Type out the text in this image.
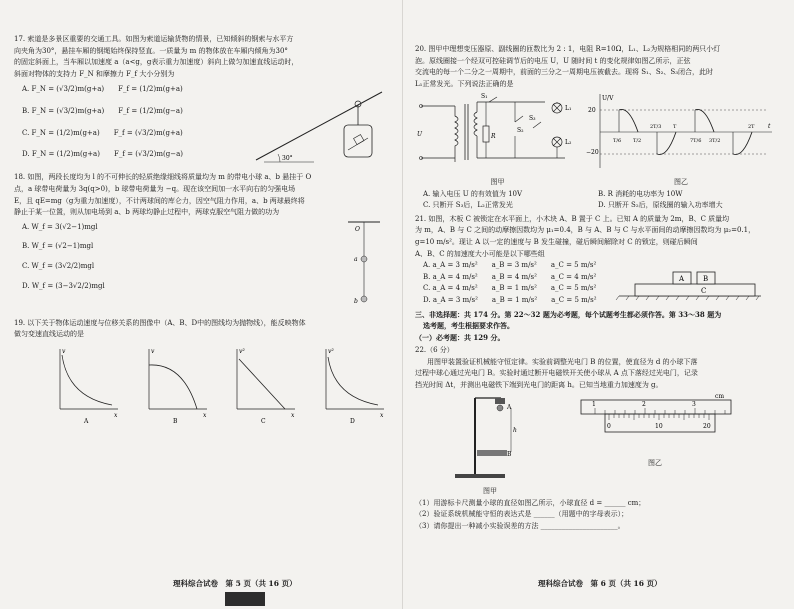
17. 索道是多景区重要的交通工具。如图为索道运输货物的情景，已知倾斜的钢索与水平方
向夹角为30°，悬挂车厢的钢绳始终保持竖直。一质量为 m 的物体放在车厢内倾角为30°
的固定斜面上，当车厢以加速度 a（a<g，g表示重力加速度）斜向上做匀加速直线运动时，
斜面对物体的支持力 F_N 和摩擦力 F_f 大小分别为
A. F_N = (√3/2)m(g+a)　　F_f = (1/2)m(g+a)
B. F_N = (√3/2)m(g+a)　　F_f = (1/2)m(g−a)
C. F_N = (1/2)m(g+a)　　F_f = (√3/2)m(g+a)
D. F_N = (1/2)m(g+a)　　F_f = (√3/2)m(g−a)
30°
18. 如图，两段长度均为 l 的不可伸长的轻质绝缘细线将质量均为 m 的带电小球 a、b 悬挂于 O
点，a 球带电荷量为 3q(q>0)，b 球带电荷量为 −q。现在该空间加一水平向右的匀强电场
E，且 qE=mg（g为重力加速度），不计两球间的库仑力，因空气阻力作用，a、b 两球最终将
静止于某一位置，则从加电场到 a、b 两球均静止过程中，两球克服空气阻力做的功为
A. W_f = 3(√2−1)mgl
B. W_f = (√2−1)mgl
C. W_f = (3√2/2)mgl
D. W_f = (3−3√2/2)mgl
O
a
b
19. 以下关于物体运动速度与位移关系的图像中（A、B、D中的图线均为抛物线），能反映物体
做匀变速直线运动的是
v
x
A
v
x
B
v²
x
C
v²
x
D
20. 图甲中理想变压器原、副线圈的匝数比为 2 : 1，电阻 R=10Ω，L₁、L₂为规格相同的两只小灯
泡。原线圈接一个经双可控硅调节后的电压 U，U 随时间 t 的变化规律如图乙所示，正弦
交流电的每一个二分之一周期中，前面的三分之一周期电压被截去。现将 S₁、S₂、S₃闭合，此时
L₁正常发光。下列说法正确的是
U
S₁
R
S₂
S₃
L₁
L₂
图甲
U/V
t
20
−20
T/6 T/2
2T/3 T
7T/6 3T/2
2T
图乙
A. 输入电压 U 的有效值为 10V	B. R 消耗的电功率为 10W
C. 只断开 S₃后，L₂正常发光	D. 只断开 S₂后，原线圈的输入功率增大
21. 如图，木板 C 被锁定在水平面上，小木块 A、B 置于 C 上。已知 A 的质量为 2m，B、C 质量均
为 m，A、B 与 C 之间的动摩擦因数均为 μ₁=0.4，B 与 A、B 与 C 与水平面间的动摩擦因数均为 μ₂=0.1，
g=10 m/s²。现让 A 以一定的速度与 B 发生碰撞，碰后瞬间解除对 C 的锁定，则碰后瞬间
A、B、C 的加速度大小可能是以下哪些组
A. a_A = 3 m/s²　　a_B = 3 m/s²　　a_C = 5 m/s²
B. a_A = 4 m/s²　　a_B = 4 m/s²　　a_C = 4 m/s²
C. a_A = 4 m/s²　　a_B = 1 m/s²　　a_C = 5 m/s²
D. a_A = 3 m/s²　　a_B = 1 m/s²　　a_C = 5 m/s²
C
A	B
三、非选择题：共 174 分。第 22～32 题为必考题，每个试题考生都必须作答。第 33～38 题为
选考题，考生根据要求作答。
（一）必考题：共 129 分。
22.（6 分）
用图甲装置验证机械能守恒定律。实验前调整光电门 B 的位置，使直径为 d 的小球下落
过程中球心通过光电门 B。实验时通过断开电磁铁开关使小球从 A 点下落经过光电门，记录
挡光时间 Δt，并测出电磁铁下端到光电门的距离 h。已知当地重力加速度为 g。
A
h
B
图甲
1	2	3
cm
0	10	20
图乙
（1）用游标卡尺测量小球的直径如图乙所示，小球直径 d = ______ cm；
（2）验证系统机械能守恒的表达式是 ______（用题中的字母表示）；
（3）请你提出一种减小实验误差的方法 ______________________。
理科综合试卷　第 5 页（共 16 页）	理科综合试卷　第 6 页（共 16 页）
